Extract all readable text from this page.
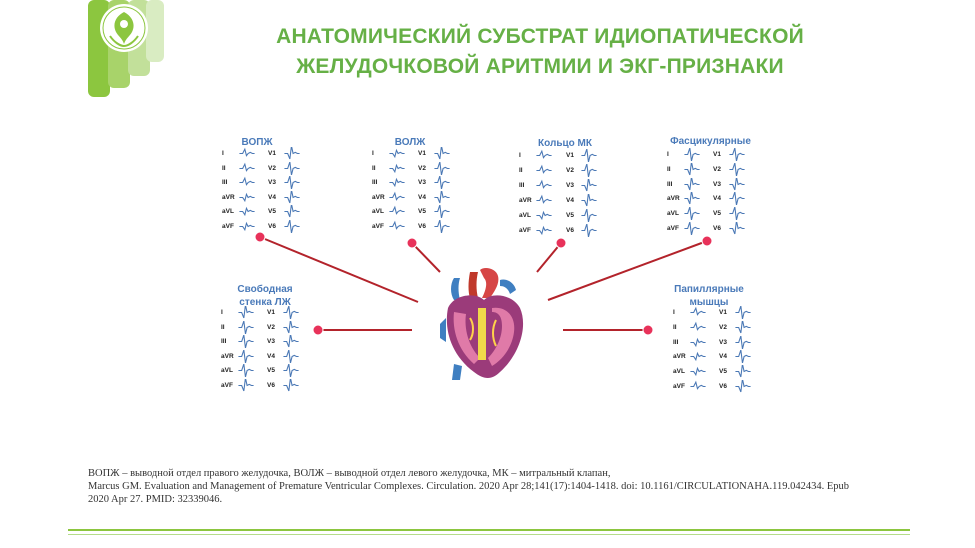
АНАТОМИЧЕСКИЙ СУБСТРАТ ИДИОПАТИЧЕСКОЙ
ЖЕЛУДОЧКОВОЙ АРИТМИИ И ЭКГ-ПРИЗНАКИ
ВОПЖ	ВОЛЖ	Кольцо МК	Фасцикулярные
Свободная
стенка ЛЖ
Папиллярные
мышцы
I	V1
II	V2
III	V3
aVR	V4
aVL	V5
aVF	V6
I	V1
II	V2
III	V3
aVR	V4
aVL	V5
aVF	V6
I	V1
II	V2
III	V3
aVR	V4
aVL	V5
aVF	V6
I	V1
II	V2
III	V3
aVR	V4
aVL	V5
aVF	V6
I	V1
II	V2
III	V3
aVR	V4
aVL	V5
aVF	V6
I	V1
II	V2
III	V3
aVR	V4
aVL	V5
aVF	V6
ВОПЖ – выводной отдел правого желудочка, ВОЛЖ – выводной отдел левого желудочка, МК – митральный клапан,
Marcus GM. Evaluation and Management of Premature Ventricular Complexes. Circulation. 2020 Apr 28;141(17):1404-1418. doi: 10.1161/CIRCULATIONAHA.119.042434. Epub
2020 Apr 27. PMID: 32339046.
